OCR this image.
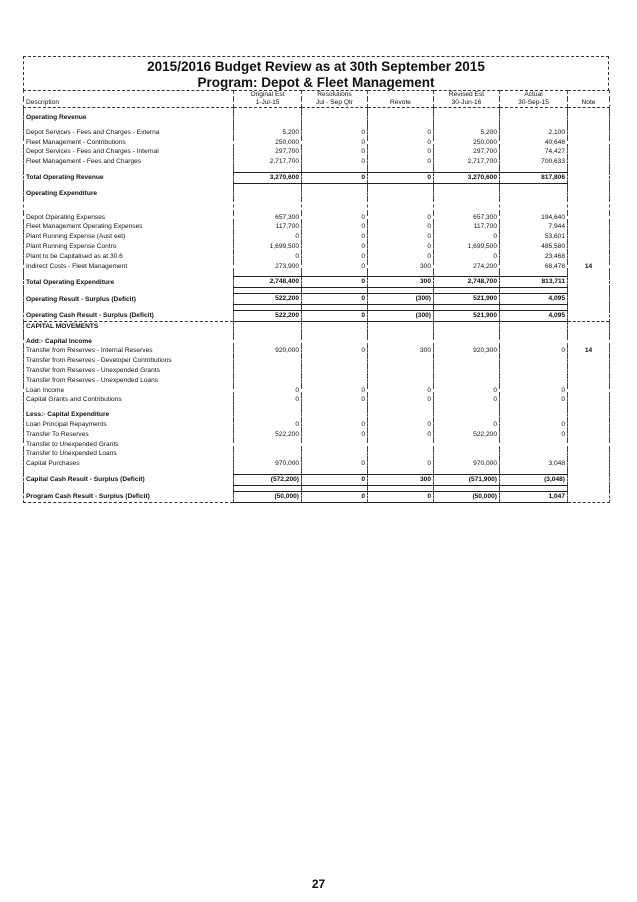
2015/2016 Budget Review as at 30th September 2015
Program: Depot & Fleet Management
	Original Est	Resolutions		Revised Est	Actual	
Description	1-Jul-15	Jul - Sep Qtr	Revote	30-Jun-16	30-Sep-15	Note

Operating Revenue						

Depot Services - Fees and Charges - Externa	5,200	0	0	5,200	2,100	
Fleet Management - Contributions	250,000	0	0	250,000	40,646	
Depot Services - Fees and Charges - Internal	297,700	0	0	297,700	74,427	
Fleet Management - Fees and Charges	2,717,700	0	0	2,717,700	700,633	

Total Operating Revenue	3,270,600	0	0	3,270,600	817,806	

Operating Expenditure						

Depot Operating Expenses	657,300	0	0	657,300	194,640	
Fleet Management Operating Expenses	117,700	0	0	117,700	7,944	
Plant Running Expense (Aust eet)	0	0	0	0	53,601	
Plant Running Expense Contro	1,699,500	0	0	1,699,500	485,580	
Plant to be Capitalised as at 30.6	0	0	0	0	23,468	
Indirect Costs - Fleet Management	273,900	0	300	274,200	68,478	14

Total Operating Expenditure	2,748,400	0	300	2,748,700	813,711	

Operating Result - Surplus (Deficit)	522,200	0	(300)	521,900	4,095	

Operating Cash Result - Surplus (Deficit)	522,200	0	(300)	521,900	4,095	
CAPITAL MOVEMENTS						

Add:- Capital Income						
Transfer from Reserves - Internal Reserves	920,000	0	300	920,300	0	14
Transfer from Reserves - Developer Contributions						
Transfer from Reserves - Unexpended Grants						
Transfer from Reserves - Unexpended Loans						
Loan Income	0	0	0	0	0	
Capital Grants and Contributions	0	0	0	0	0	

Less:- Capital Expenditure						
Loan Principal Repayments	0	0	0	0	0	
Transfer To Reserves	522,200	0	0	522,200	0	
Transfer to Unexpended Grants						
Transfer to Unexpended Loans						
Capital Purchases	970,000	0	0	970,000	3,048	

Capital Cash Result - Surplus (Deficit)	(572,200)	0	300	(571,900)	(3,048)	

Program Cash Result - Surplus (Deficit)	(50,000)	0	0	(50,000)	1,047	
27
